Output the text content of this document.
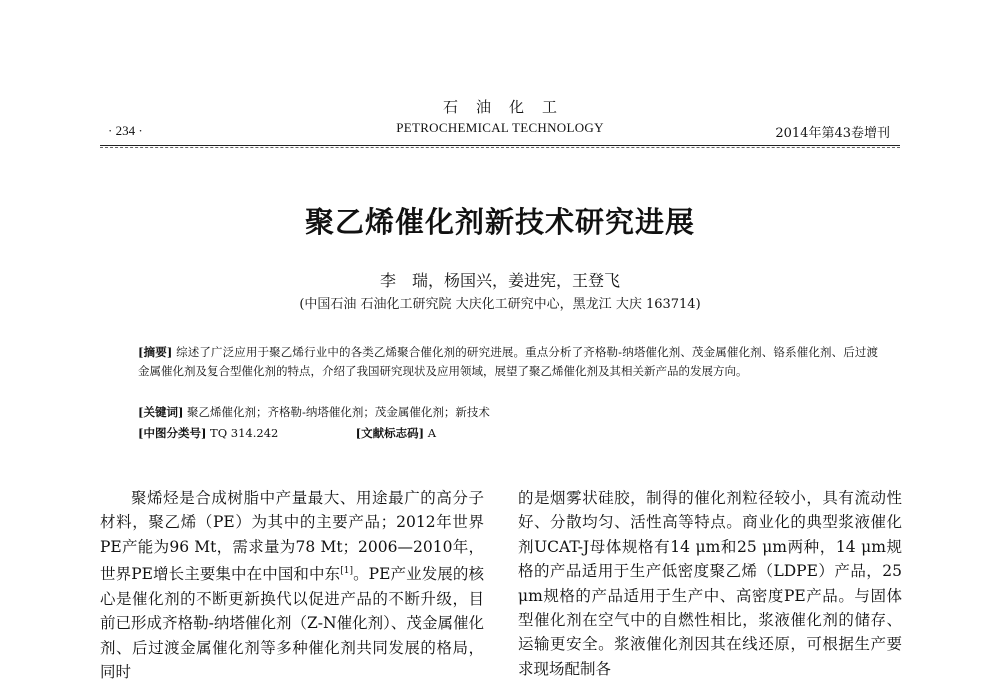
石油化工
· 234 ·	PETROCHEMICAL TECHNOLOGY	2014年第43卷增刊
聚乙烯催化剂新技术研究进展
李　瑞，杨国兴，姜进宪，王登飞
(中国石油 石油化工研究院 大庆化工研究中心，黑龙江 大庆 163714)
[摘要] 综述了广泛应用于聚乙烯行业中的各类乙烯聚合催化剂的研究进展。重点分析了齐格勒-纳塔催化剂、茂金属催化剂、铬系催化剂、后过渡金属催化剂及复合型催化剂的特点，介绍了我国研究现状及应用领域，展望了聚乙烯催化剂及其相关新产品的发展方向。
[关键词] 聚乙烯催化剂；齐格勒-纳塔催化剂；茂金属催化剂；新技术
[中图分类号] TQ 314.242	[文献标志码] A

聚烯烃是合成树脂中产量最大、用途最广的高分子材料，聚乙烯（PE）为其中的主要产品；2012年世界PE产能为96 Mt，需求量为78 Mt；2006—2010年，世界PE增长主要集中在中国和中东[1]。PE产业发展的核心是催化剂的不断更新换代以促进产品的不断升级，目前已形成齐格勒-纳塔催化剂（Z-N催化剂）、茂金属催化剂、后过渡金属催化剂等多种催化剂共同发展的格局，同时

的是烟雾状硅胶，制得的催化剂粒径较小，具有流动性好、分散均匀、活性高等特点。商业化的典型浆液催化剂UCAT-J母体规格有14 μm和25 μm两种，14 μm规格的产品适用于生产低密度聚乙烯（LDPE）产品，25 μm规格的产品适用于生产中、高密度PE产品。与固体型催化剂在空气中的自燃性相比，浆液催化剂的储存、运输更安全。浆液催化剂因其在线还原，可根据生产要求现场配制各
